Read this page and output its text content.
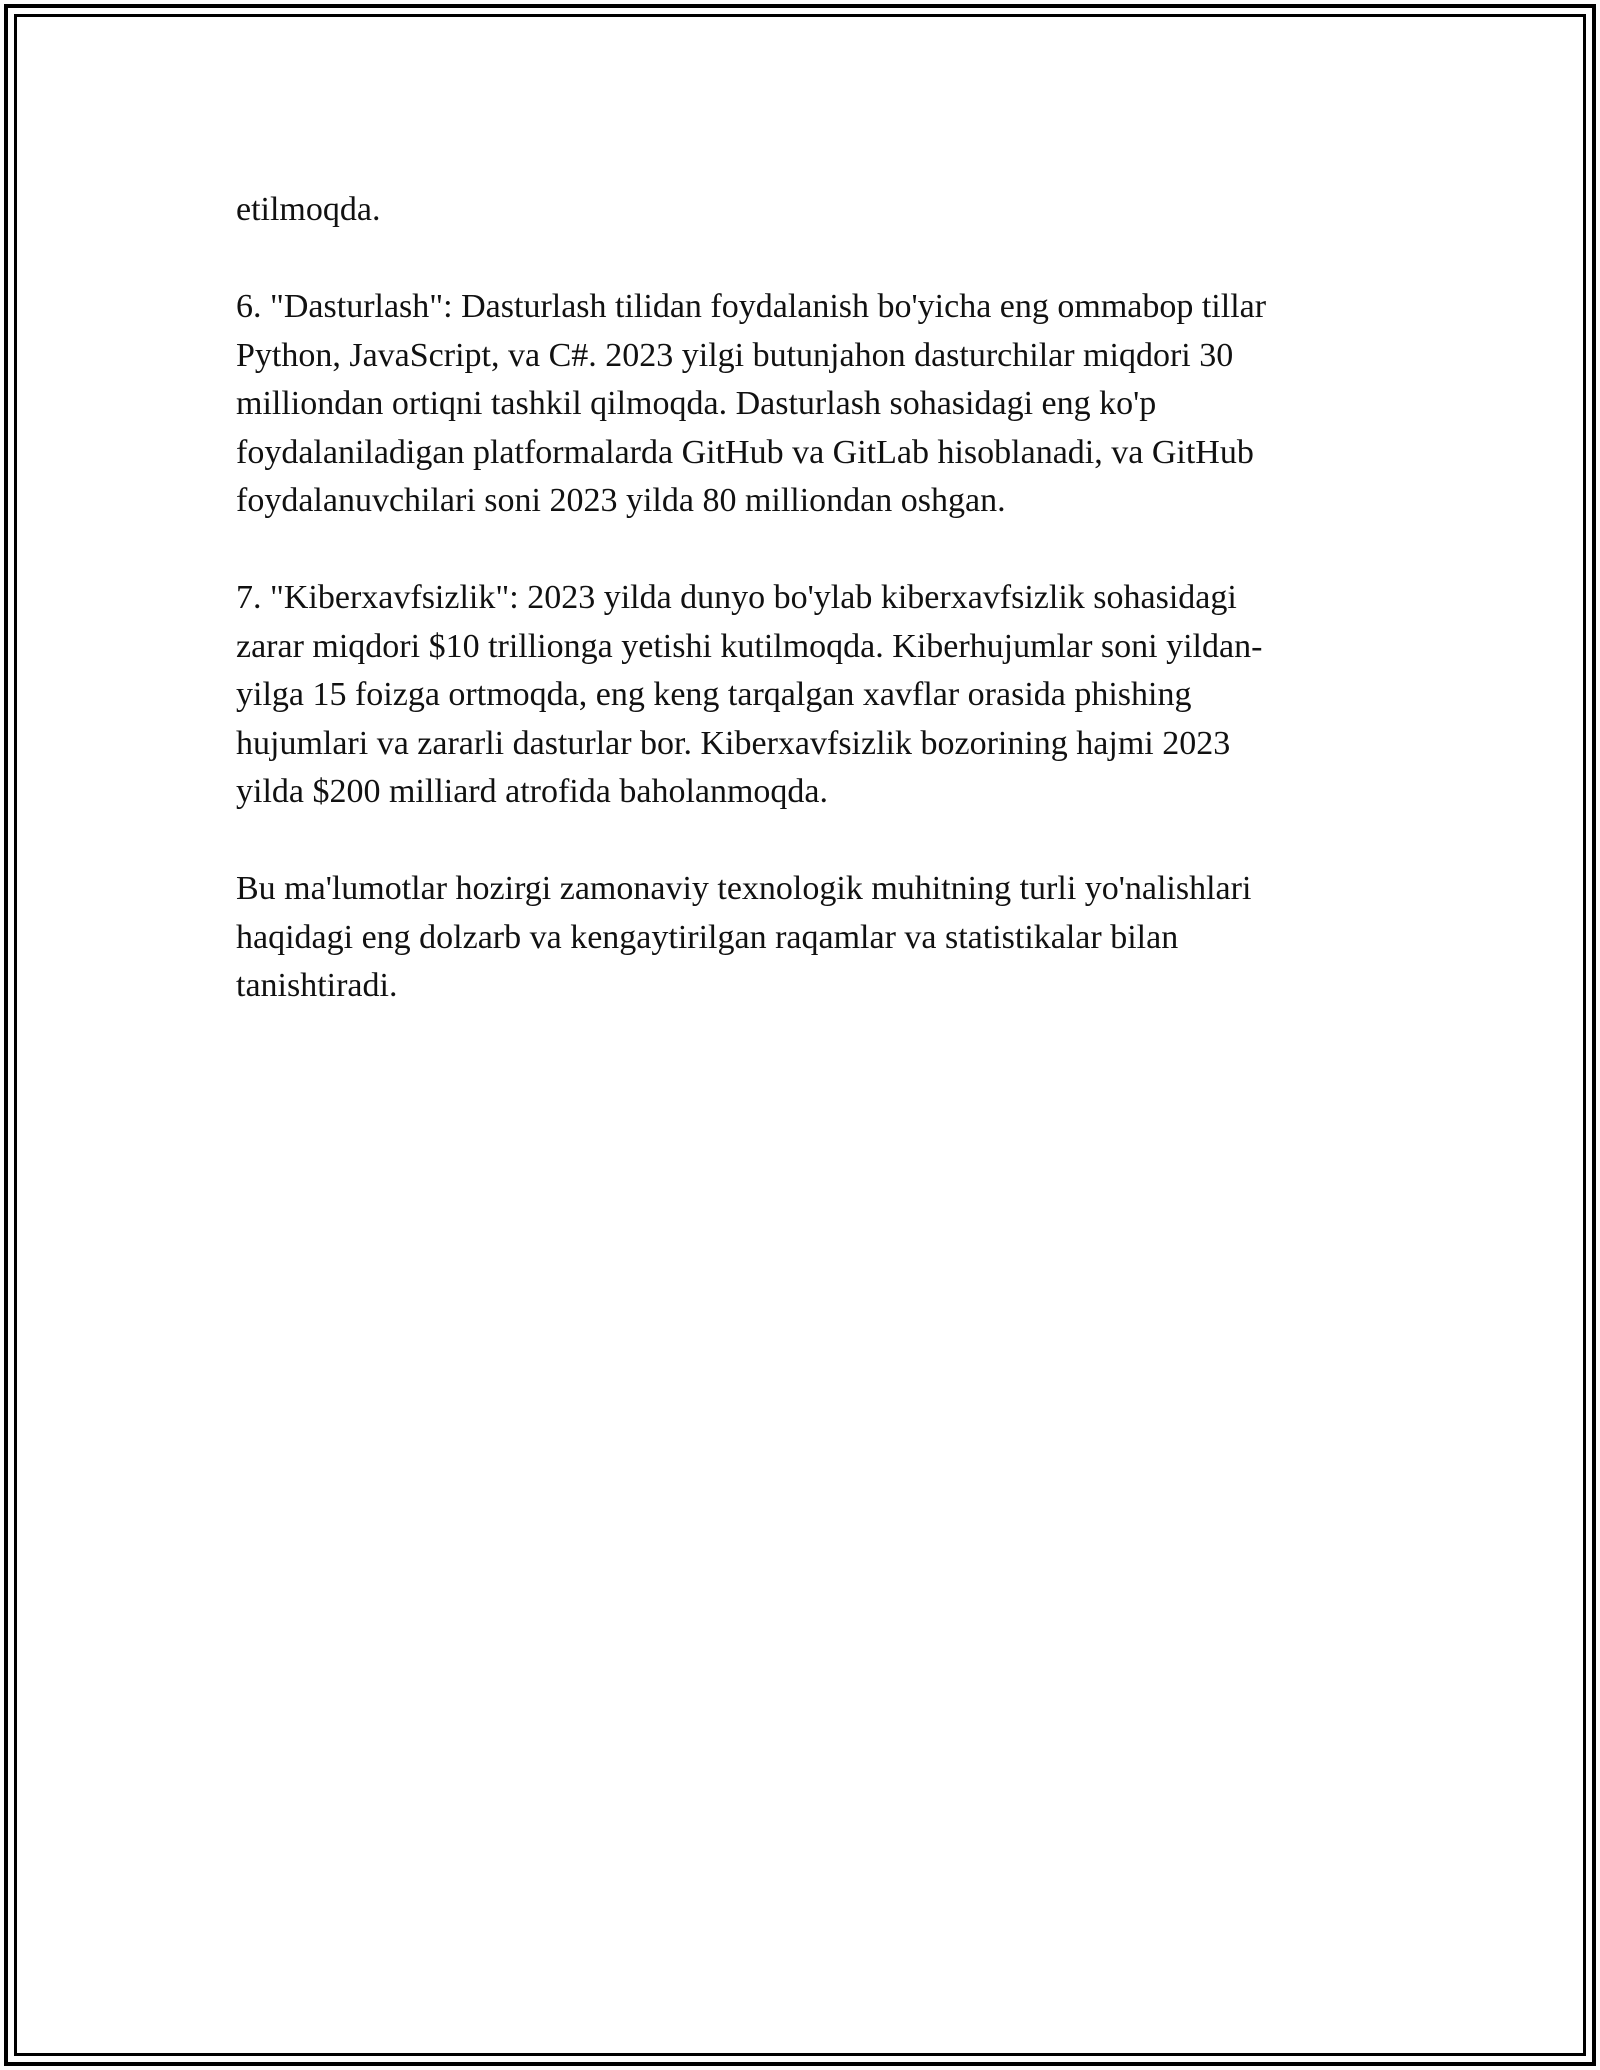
etilmoqda.

6. "Dasturlash": Dasturlash tilidan foydalanish bo'yicha eng ommabop tillar
Python, JavaScript, va C#. 2023 yilgi butunjahon dasturchilar miqdori 30
milliondan ortiqni tashkil qilmoqda. Dasturlash sohasidagi eng ko'p
foydalaniladigan platformalarda GitHub va GitLab hisoblanadi, va GitHub
foydalanuvchilari soni 2023 yilda 80 milliondan oshgan.

7. "Kiberxavfsizlik": 2023 yilda dunyo bo'ylab kiberxavfsizlik sohasidagi
zarar miqdori $10 trillionga yetishi kutilmoqda. Kiberhujumlar soni yildan-
yilga 15 foizga ortmoqda, eng keng tarqalgan xavflar orasida phishing
hujumlari va zararli dasturlar bor. Kiberxavfsizlik bozorining hajmi 2023
yilda $200 milliard atrofida baholanmoqda.

Bu ma'lumotlar hozirgi zamonaviy texnologik muhitning turli yo'nalishlari
haqidagi eng dolzarb va kengaytirilgan raqamlar va statistikalar bilan
tanishtiradi.
